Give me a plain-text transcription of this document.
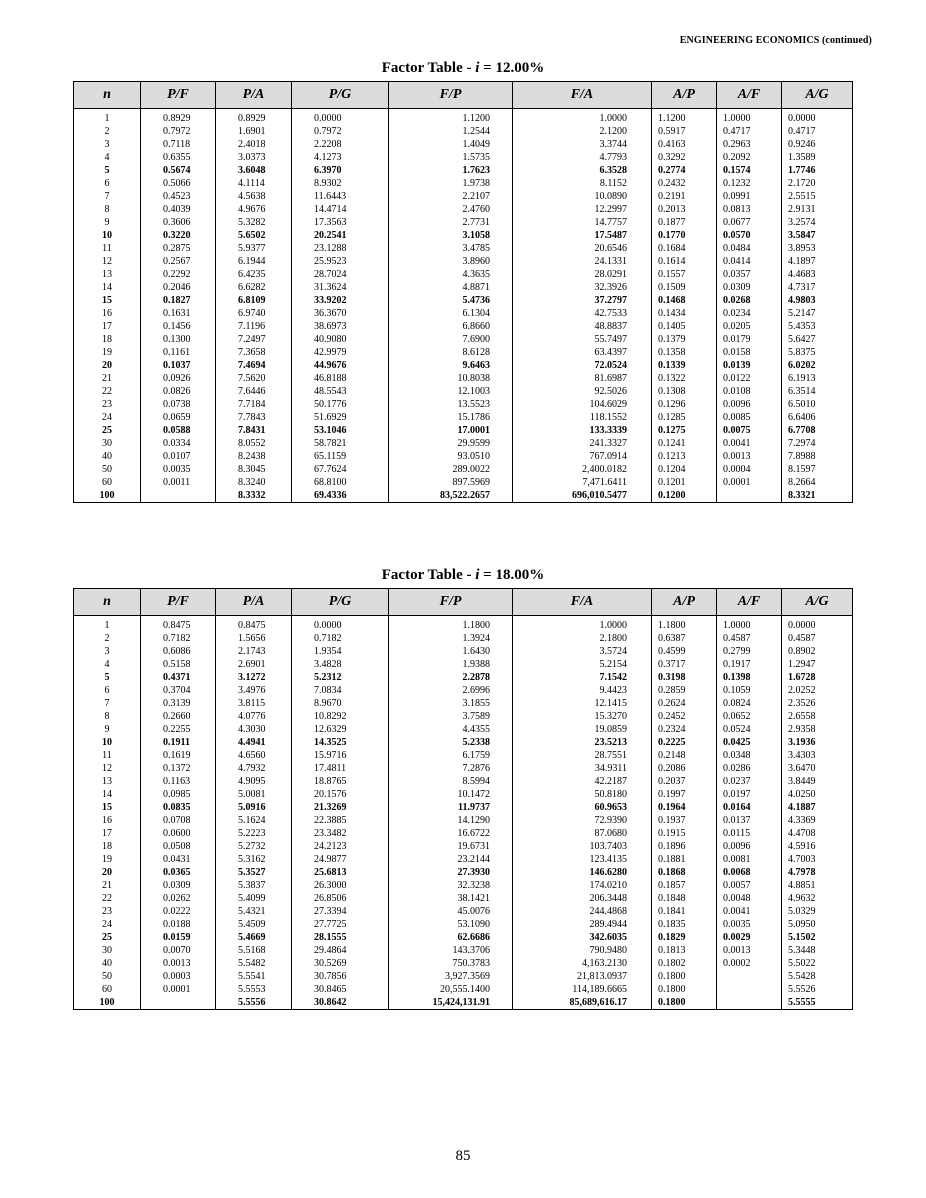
ENGINEERING ECONOMICS (continued)
Factor Table - i = 12.00%
n	P/F	P/A	P/G	F/P	F/A	A/P	A/F	A/G
1	0.8929	0.8929	0.0000	1.1200	1.0000	1.1200	1.0000	0.0000
2	0.7972	1.6901	0.7972	1.2544	2.1200	0.5917	0.4717	0.4717
3	0.7118	2.4018	2.2208	1.4049	3.3744	0.4163	0.2963	0.9246
4	0.6355	3.0373	4.1273	1.5735	4.7793	0.3292	0.2092	1.3589
5	0.5674	3.6048	6.3970	1.7623	6.3528	0.2774	0.1574	1.7746
6	0.5066	4.1114	8.9302	1.9738	8.1152	0.2432	0.1232	2.1720
7	0.4523	4.5638	11.6443	2.2107	10.0890	0.2191	0.0991	2.5515
8	0.4039	4.9676	14.4714	2.4760	12.2997	0.2013	0.0813	2.9131
9	0.3606	5.3282	17.3563	2.7731	14.7757	0.1877	0.0677	3.2574
10	0.3220	5.6502	20.2541	3.1058	17.5487	0.1770	0.0570	3.5847
11	0.2875	5.9377	23.1288	3.4785	20.6546	0.1684	0.0484	3.8953
12	0.2567	6.1944	25.9523	3.8960	24.1331	0.1614	0.0414	4.1897
13	0.2292	6.4235	28.7024	4.3635	28.0291	0.1557	0.0357	4.4683
14	0.2046	6.6282	31.3624	4.8871	32.3926	0.1509	0.0309	4.7317
15	0.1827	6.8109	33.9202	5.4736	37.2797	0.1468	0.0268	4.9803
16	0.1631	6.9740	36.3670	6.1304	42.7533	0.1434	0.0234	5.2147
17	0.1456	7.1196	38.6973	6.8660	48.8837	0.1405	0.0205	5.4353
18	0.1300	7.2497	40.9080	7.6900	55.7497	0.1379	0.0179	5.6427
19	0.1161	7.3658	42.9979	8.6128	63.4397	0.1358	0.0158	5.8375
20	0.1037	7.4694	44.9676	9.6463	72.0524	0.1339	0.0139	6.0202
21	0.0926	7.5620	46.8188	10.8038	81.6987	0.1322	0.0122	6.1913
22	0.0826	7.6446	48.5543	12.1003	92.5026	0.1308	0.0108	6.3514
23	0.0738	7.7184	50.1776	13.5523	104.6029	0.1296	0.0096	6.5010
24	0.0659	7.7843	51.6929	15.1786	118.1552	0.1285	0.0085	6.6406
25	0.0588	7.8431	53.1046	17.0001	133.3339	0.1275	0.0075	6.7708
30	0.0334	8.0552	58.7821	29.9599	241.3327	0.1241	0.0041	7.2974
40	0.0107	8.2438	65.1159	93.0510	767.0914	0.1213	0.0013	7.8988
50	0.0035	8.3045	67.7624	289.0022	2,400.0182	0.1204	0.0004	8.1597
60	0.0011	8.3240	68.8100	897.5969	7,471.6411	0.1201	0.0001	8.2664
100		8.3332	69.4336	83,522.2657	696,010.5477	0.1200		8.3321
Factor Table - i = 18.00%
n	P/F	P/A	P/G	F/P	F/A	A/P	A/F	A/G
1	0.8475	0.8475	0.0000	1.1800	1.0000	1.1800	1.0000	0.0000
2	0.7182	1.5656	0.7182	1.3924	2.1800	0.6387	0.4587	0.4587
3	0.6086	2.1743	1.9354	1.6430	3.5724	0.4599	0.2799	0.8902
4	0.5158	2.6901	3.4828	1.9388	5.2154	0.3717	0.1917	1.2947
5	0.4371	3.1272	5.2312	2.2878	7.1542	0.3198	0.1398	1.6728
6	0.3704	3.4976	7.0834	2.6996	9.4423	0.2859	0.1059	2.0252
7	0.3139	3.8115	8.9670	3.1855	12.1415	0.2624	0.0824	2.3526
8	0.2660	4.0776	10.8292	3.7589	15.3270	0.2452	0.0652	2.6558
9	0.2255	4.3030	12.6329	4.4355	19.0859	0.2324	0.0524	2.9358
10	0.1911	4.4941	14.3525	5.2338	23.5213	0.2225	0.0425	3.1936
11	0.1619	4.6560	15.9716	6.1759	28.7551	0.2148	0.0348	3.4303
12	0.1372	4.7932	17.4811	7.2876	34.9311	0.2086	0.0286	3.6470
13	0.1163	4.9095	18.8765	8.5994	42.2187	0.2037	0.0237	3.8449
14	0.0985	5.0081	20.1576	10.1472	50.8180	0.1997	0.0197	4.0250
15	0.0835	5.0916	21.3269	11.9737	60.9653	0.1964	0.0164	4.1887
16	0.0708	5.1624	22.3885	14.1290	72.9390	0.1937	0.0137	4.3369
17	0.0600	5.2223	23.3482	16.6722	87.0680	0.1915	0.0115	4.4708
18	0.0508	5.2732	24.2123	19.6731	103.7403	0.1896	0.0096	4.5916
19	0.0431	5.3162	24.9877	23.2144	123.4135	0.1881	0.0081	4.7003
20	0.0365	5.3527	25.6813	27.3930	146.6280	0.1868	0.0068	4.7978
21	0.0309	5.3837	26.3000	32.3238	174.0210	0.1857	0.0057	4.8851
22	0.0262	5.4099	26.8506	38.1421	206.3448	0.1848	0.0048	4.9632
23	0.0222	5.4321	27.3394	45.0076	244.4868	0.1841	0.0041	5.0329
24	0.0188	5.4509	27.7725	53.1090	289.4944	0.1835	0.0035	5.0950
25	0.0159	5.4669	28.1555	62.6686	342.6035	0.1829	0.0029	5.1502
30	0.0070	5.5168	29.4864	143.3706	790.9480	0.1813	0.0013	5.3448
40	0.0013	5.5482	30.5269	750.3783	4,163.2130	0.1802	0.0002	5.5022
50	0.0003	5.5541	30.7856	3,927.3569	21,813.0937	0.1800		5.5428
60	0.0001	5.5553	30.8465	20,555.1400	114,189.6665	0.1800		5.5526
100		5.5556	30.8642	15,424,131.91	85,689,616.17	0.1800		5.5555
85
